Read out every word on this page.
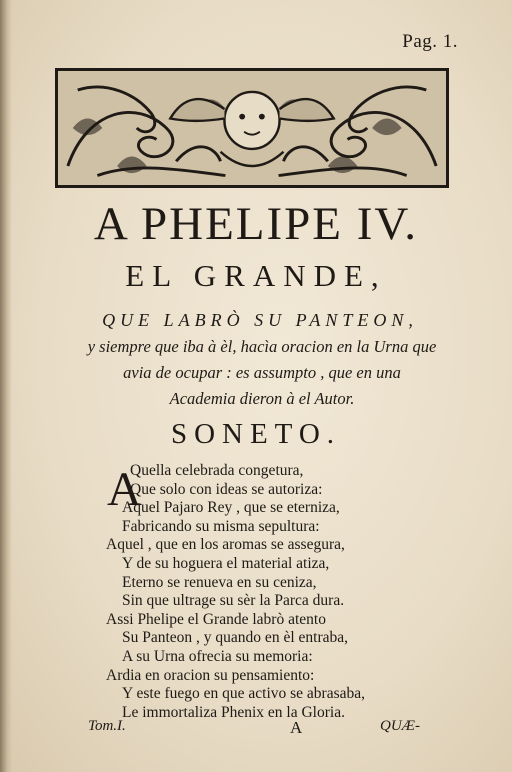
Pag. 1.
A PHELIPE IV.
EL GRANDE,
QUE LABRÒ SU PANTEON,
y siempre que iba à èl, hacìa oracion en la Urna que
avia de ocupar : es assumpto , que en una
Academia dieron à el Autor.
SONETO.
A
Quella celebrada congetura,
Que solo con ideas se autoriza:
Aquel Pajaro Rey , que se eterniza,
Fabricando su misma sepultura:
Aquel , que en los aromas se assegura,
Y de su hoguera el material atiza,
Eterno se renueva en su ceniza,
Sin que ultrage su sèr la Parca dura.
Assi Phelipe el Grande labrò atento
Su Panteon , y quando en èl entraba,
A su Urna ofrecia su memoria:
Ardia en oracion su pensamiento:
Y este fuego en que activo se abrasaba,
Le immortaliza Phenix en la Gloria.
Tom.I.	A	QUÆ-
